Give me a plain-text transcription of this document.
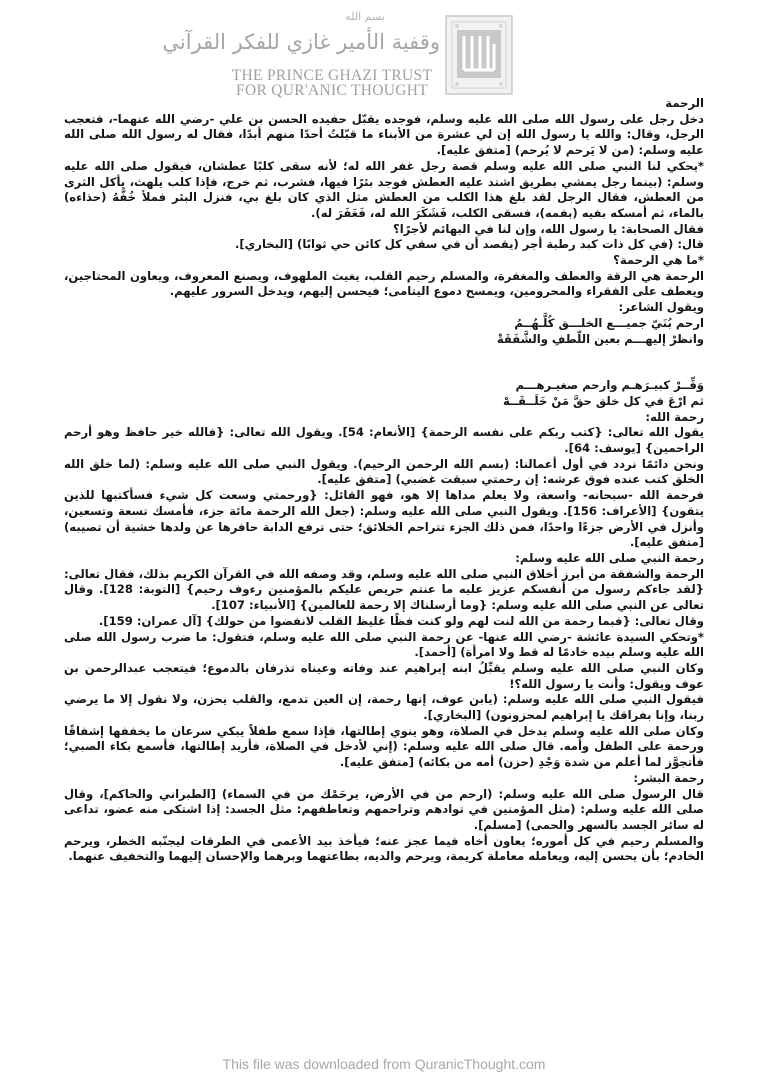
بسم الله
وقفية الأمير غازي للفكر القرآني
THE PRINCE GHAZI TRUST
FOR QUR'ANIC THOUGHT

الرحمة

دخل رجل على رسول الله صلى الله عليه وسلم، فوجده يقبّل حفيده الحسن بن علي -رضي الله عنهما-، فتعجب الرجل، وقال: والله يا رسول الله إن لي عشرة من الأبناء ما قبّلتُ أحدًا منهم أبدًا، فقال له رسول الله صلى الله عليه وسلم: (من لا يَرحم لا يُرحم) [متفق عليه].

*يحكي لنا النبي صلى الله عليه وسلم قصة رجل غفر الله له؛ لأنه سقى كلبًا عطشان، فيقول صلى الله عليه وسلم: (بينما رجل يمشي بطريق اشتد عليه العطش فوجد بئرًا فيها، فشرب، ثم خرج، فإذا كلب يلهث، يأكل الثرى من العطش، فقال الرجل لقد بلغ هذا الكلب من العطش مثل الذي كان بلغ بي، فنزل البئر فملأ خُفَّهُ (حذاءه) بالماء، ثم أمسكه بفيه (بفمه)، فسقى الكلب، فَشَكَرَ الله له، فَغَفَرَ له).

فقال الصحابة: يا رسول الله، وإن لنا في البهائم لأجرًا؟

قال: (في كل ذات كبد رطبة أجر (يقصد أن في سقي كل كائن حي ثوابًا) [البخاري].

*ما هي الرحمة؟

الرحمة هي الرقة والعطف والمغفرة، والمسلم رحيم القلب، يغيث الملهوف، ويصنع المعروف، ويعاون المحتاجين، ويعطف على الفقراء والمحرومين، ويمسح دموع اليتامى؛ فيحسن إليهم، ويدخل السرور عليهم.

ويقول الشاعر:

ارحم بُنَيّ جميـــع الخلـــق كُلَّـهُــمُ

وانظرْ إليهـــم بعين اللّطفِ والشَّفَقَةْ

وَقِّــرْ كبيـرَهـم وارحم صغيـرهـــم

ثم ارْعَ في كل خلق حقَّ مَنْ خَلَــقَــهْ

رحمة الله:

يقول الله تعالى: {كتب ربكم على نفسه الرحمة} [الأنعام: 54]. ويقول الله تعالى: {فالله خير حافظ وهو أرحم الراحمين} [يوسف: 64].

ونحن دائمًا نردد في أول أعمالنا: (بسم الله الرحمن الرحيم). ويقول النبي صلى الله عليه وسلم: (لما خلق الله الخلق كتب عنده فوق عرشه: إن رحمتي سبقت غضبي) [متفق عليه].

فرحمة الله -سبحانه- واسعة، ولا يعلم مداها إلا هو، فهو القائل: {ورحمتي وسعت كل شيء فسأكتبها للذين يتقون} [الأعراف: 156]. ويقول النبي صلى الله عليه وسلم: (جعل الله الرحمة مائة جزء، فأمسك تسعة وتسعين، وأنزل في الأرض جزءًا واحدًا، فمن ذلك الجزء تتراحم الخلائق؛ حتى ترفع الدابة حافرها عن ولدها خشية أن تصيبه) [متفق عليه].

رحمة النبي صلى الله عليه وسلم:

الرحمة والشفقة من أبرز أخلاق النبي صلى الله عليه وسلم، وقد وصفه الله في القرآن الكريم بذلك، فقال تعالى: {لقد جاءكم رسول من أنفسكم عزيز عليه ما عنتم حريص عليكم بالمؤمنين رءوف رحيم} [التوبة: 128]. وقال تعالى عن النبي صلى الله عليه وسلم: {وما أرسلناك إلا رحمة للعالمين} [الأنبياء: 107].

وقال تعالى: {فبما رحمة من الله لنت لهم ولو كنت فظًا غليظ القلب لانفضوا من حولك} [آل عمران: 159].

*وتحكي السيدة عائشة -رضي الله عنها- عن رحمة النبي صلى الله عليه وسلم، فتقول: ما ضرب رسول الله صلى الله عليه وسلم بيده خادمًا له قط ولا امرأة) [أحمد].

وكان النبي صلى الله عليه وسلم يقبِّلُ ابنه إبراهيم عند وفاته وعيناه تذرفان بالدموع؛ فيتعجب عبدالرحمن بن عوف ويقول: وأنت يا رسول الله؟!

فيقول النبي صلى الله عليه وسلم: (يابن عوف، إنها رحمة، إن العين تدمع، والقلب يحزن، ولا نقول إلا ما يرضي ربنا، وإنا بفراقك يا إبراهيم لمحزونون) [البخاري].

وكان صلى الله عليه وسلم يدخل في الصلاة، وهو ينوي إطالتها، فإذا سمع طفلاً يبكي سرعان ما يخففها إشفاقًا ورحمة على الطفل وأمه. قال صلى الله عليه وسلم: (إني لأدخل في الصلاة، فأريد إطالتها، فأسمع بكاء الصبي؛ فأتجوَّز لما أعلم من شدة وَجْدِ (حزن) أمه من بكائه) [متفق عليه].

رحمة البشر:

قال الرسول صلى الله عليه وسلم: (ارحم من في الأرض، يرحَمْك من في السماء) [الطبراني والحاكم]، وقال صلى الله عليه وسلم: (مثل المؤمنين في توادهم وتراحمهم وتعاطفهم: مثل الجسد: إذا اشتكى منه عضو، تداعى له سائر الجسد بالسهر والحمى) [مسلم].

والمسلم رحيم في كل أموره؛ يعاون أخاه فيما عجز عنه؛ فيأخذ بيد الأعمى في الطرقات ليجنّبه الخطر، ويرحم الخادم؛ بأن يحسن إليه، ويعامله معاملة كريمة، ويرحم والديه، بطاعتهما وبرهما والإحسان إليهما والتخفيف عنهما.

This file was downloaded from QuranicThought.com
